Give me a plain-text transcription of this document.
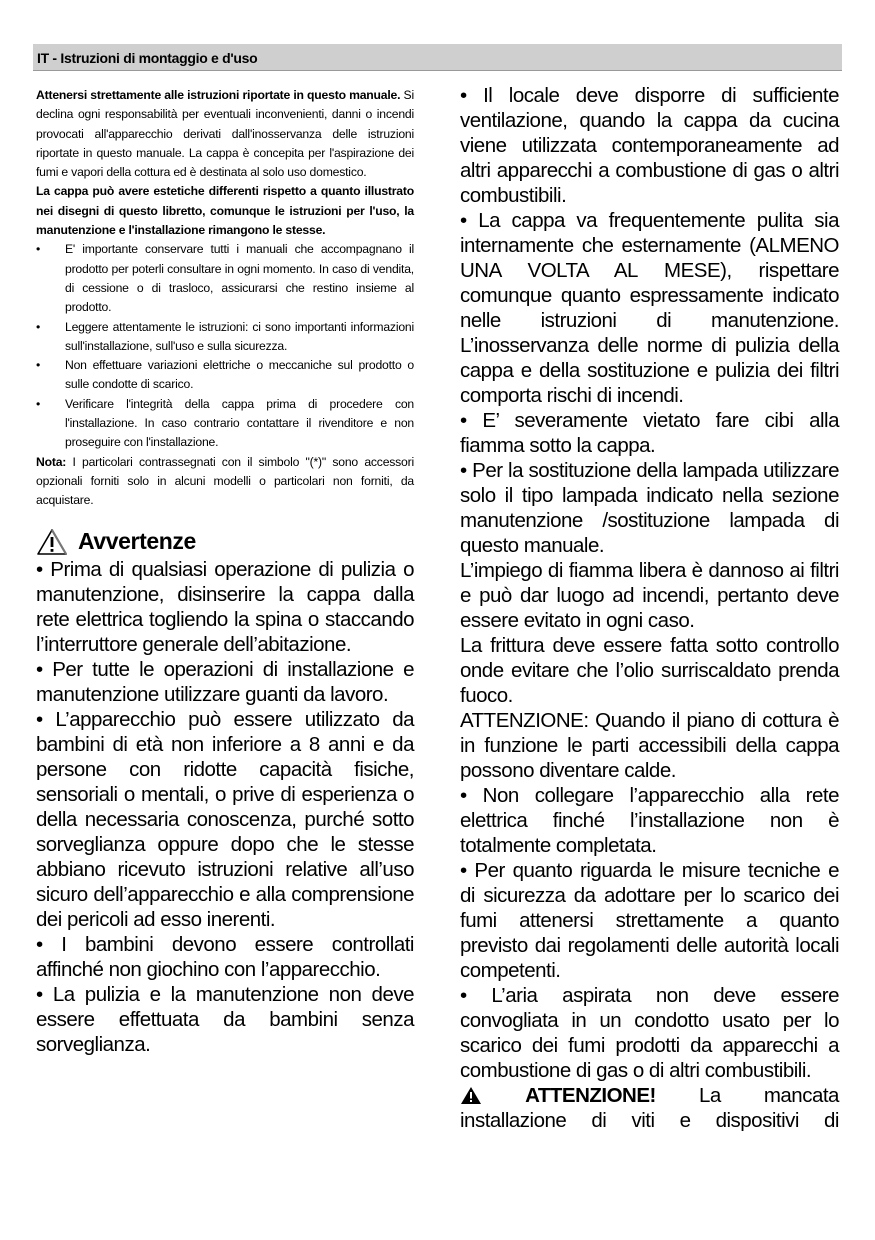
IT - Istruzioni di montaggio e d'uso

Attenersi strettamente alle istruzioni riportate in questo manuale. Si declina ogni responsabilità per eventuali inconvenienti, danni o incendi provocati all'apparecchio derivati dall'inosservanza delle istruzioni riportate in questo manuale. La cappa è concepita per l'aspirazione dei fumi e vapori della cottura ed è destinata al solo uso domestico.

La cappa può avere estetiche differenti rispetto a quanto illustrato nei disegni di questo libretto, comunque le istruzioni per l'uso, la manutenzione e l'installazione rimangono le stesse.

• E' importante conservare tutti i manuali che accompagnano il prodotto per poterli consultare in ogni momento. In caso di vendita, di cessione o di trasloco, assicurarsi che restino insieme al prodotto.
• Leggere attentamente le istruzioni: ci sono importanti informazioni sull'installazione, sull'uso e sulla sicurezza.
• Non effettuare variazioni elettriche o meccaniche sul prodotto o sulle condotte di scarico.
• Verificare l'integrità della cappa prima di procedere con l'installazione. In caso contrario contattare il rivenditore e non proseguire con l'installazione.

Nota: I particolari contrassegnati con il simbolo "(*)" sono accessori opzionali forniti solo in alcuni modelli o particolari non forniti, da acquistare.

Avvertenze

• Prima di qualsiasi operazione di pulizia o manutenzione, disinserire la cappa dalla rete elettrica togliendo la spina o staccando l’interruttore generale dell’abitazione.

• Per tutte le operazioni di installazione e manutenzione utilizzare guanti da lavoro.

• L’apparecchio può essere utilizzato da bambini di età non inferiore a 8 anni e da persone con ridotte capacità fisiche, sensoriali o mentali, o prive di esperienza o della necessaria conoscenza, purché sotto sorveglianza oppure dopo che le stesse abbiano ricevuto istruzioni relative all’uso sicuro dell’apparecchio e alla comprensione dei pericoli ad esso inerenti.

• I bambini devono essere controllati affinché non giochino con l’apparecchio.

• La pulizia e la manutenzione non deve essere effettuata da bambini senza sorveglianza.

• Il locale deve disporre di sufficiente ventilazione, quando la cappa da cucina viene utilizzata contemporaneamente ad altri apparecchi a combustione di gas o altri combustibili.

• La cappa va frequentemente pulita sia internamente che esternamente (ALMENO UNA VOLTA AL MESE), rispettare comunque quanto espressamente indicato nelle istruzioni di manutenzione. L’inosservanza delle norme di pulizia della cappa e della sostituzione e pulizia dei filtri comporta rischi di incendi.

• E’ severamente vietato fare cibi alla fiamma sotto la cappa.

• Per la sostituzione della lampada utilizzare solo il tipo lampada indicato nella sezione manutenzione /sostituzione lampada di questo manuale.

L’impiego di fiamma libera è dannoso ai filtri e può dar luogo ad incendi, pertanto deve essere evitato in ogni caso.

La frittura deve essere fatta sotto controllo onde evitare che l’olio surriscaldato prenda fuoco.

ATTENZIONE: Quando il piano di cottura è in funzione le parti accessibili della cappa possono diventare calde.

• Non collegare l’apparecchio alla rete elettrica finché l’installazione non è totalmente completata.

• Per quanto riguarda le misure tecniche e di sicurezza da adottare per lo scarico dei fumi attenersi strettamente a quanto previsto dai regolamenti delle autorità locali competenti.

• L’aria aspirata non deve essere convogliata in un condotto usato per lo scarico dei fumi prodotti da apparecchi a combustione di gas o di altri combustibili.

ATTENZIONE! La mancata
installazione di viti e dispositivi di
